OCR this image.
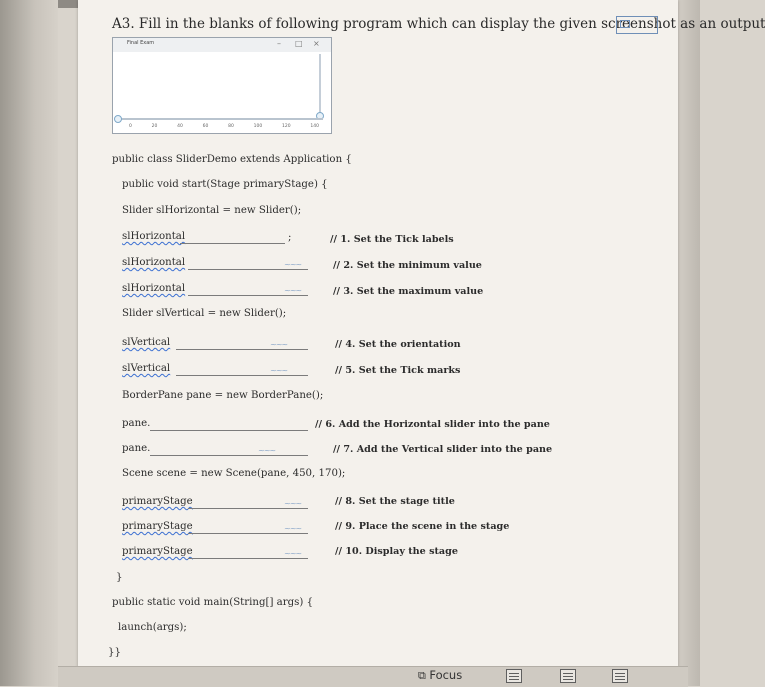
A3. Fill in the blanks of following program which can display the given screenshot as an output
Final Exam	– □ ×
0	20	40	60	80	100	120	140
public class SliderDemo extends Application {
public void start(Stage primaryStage) {
Slider slHorizontal = new Slider();
slHorizontal	;	// 1. Set the Tick labels
slHorizontal	~~~	// 2. Set the minimum value
slHorizontal	~~~	// 3. Set the maximum value
Slider slVertical = new Slider();
slVertical	~~~	// 4. Set the orientation
slVertical	~~~	// 5. Set the Tick marks
BorderPane pane = new BorderPane();
pane.	// 6. Add the Horizontal slider into the pane
pane.	~~~	// 7. Add the Vertical slider into the pane
Scene scene = new Scene(pane, 450, 170);
primaryStage	~~~	// 8. Set the stage title
primaryStage	~~~	// 9. Place the scene in the stage
primaryStage	~~~	// 10. Display the stage
}
public static void main(String[] args) {
launch(args);
}}
⧉ Focus
